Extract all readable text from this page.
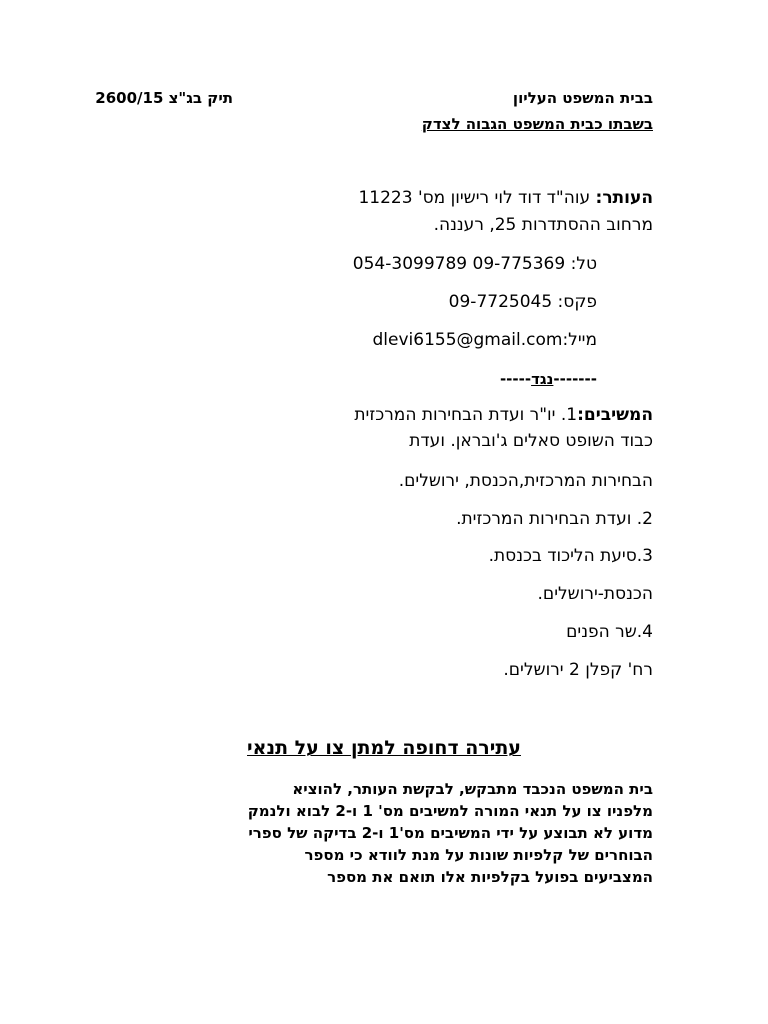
בבית המשפט העליון
תיק בג"צ 2600/15
בשבתו כבית המשפט הגבוה לצדק
העותר: עוה"ד דוד לוי רישיון מס' 11223
מרחוב ההסתדרות 25, רעננה.
טל: 09-775369 054-3099789
פקס: 09-7725045
מייל:dlevi6155@gmail.com
-------נגד-----
המשיבים:1. יו"ר ועדת הבחירות המרכזית
כבוד השופט סאלים ג'ובראן. ועדת
הבחירות המרכזית,הכנסת, ירושלים.
2. ועדת הבחירות המרכזית.
3.סיעת הליכוד בכנסת.
הכנסת-ירושלים.
4.שר הפנים
רח' קפלן 2 ירושלים.
עתירה דחופה למתן צו על תנאי
בית המשפט הנכבד מתבקש, לבקשת העותר, להוציא
מלפניו צו על תנאי המורה למשיבים מס' 1 ו-2 לבוא ולנמק
מדוע לא תבוצע על ידי המשיבים מס'1 ו-2 בדיקה של ספרי
הבוחרים של קלפיות שונות על מנת לוודא כי מספר
המצביעים בפועל בקלפיות אלו תואם את מספר
